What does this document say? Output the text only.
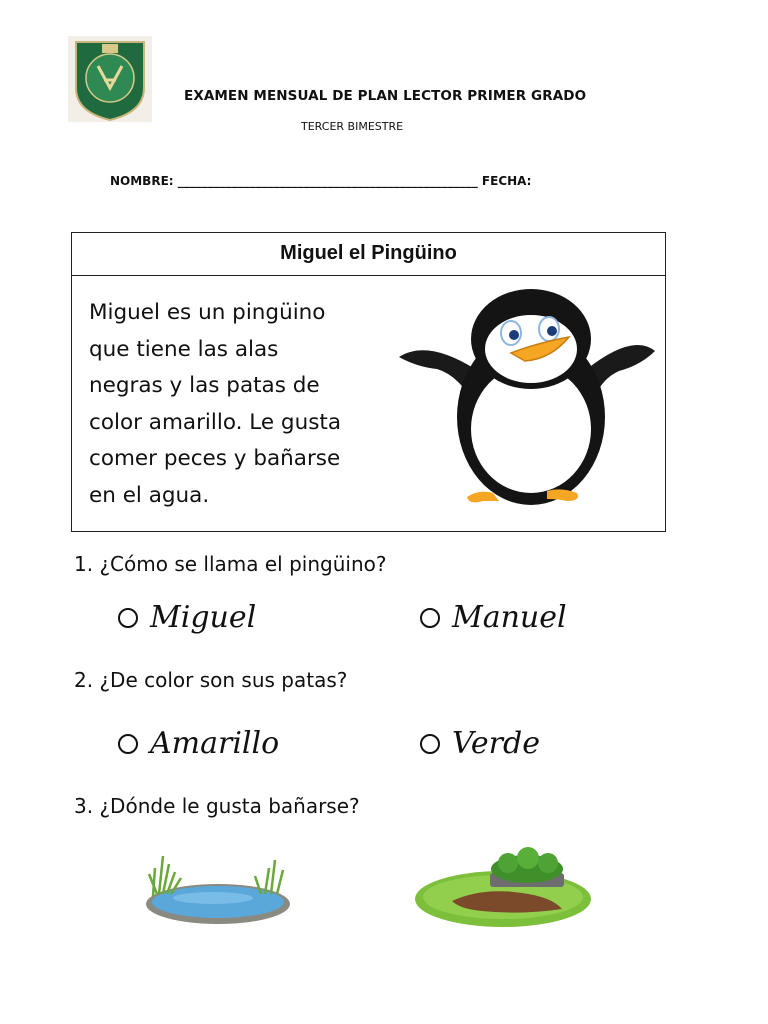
EXAMEN MENSUAL DE PLAN LECTOR PRIMER GRADO
TERCER BIMESTRE
NOMBRE: __________________________________________________ FECHA:
Miguel el Pingüino
Miguel es un pingüino
que tiene las alas
negras y las patas de
color amarillo. Le gusta
comer peces y bañarse
en el agua.
1. ¿Cómo se llama el pingüino?
Miguel	Manuel
2. ¿De color son sus patas?
Amarillo	Verde
3. ¿Dónde le gusta bañarse?
